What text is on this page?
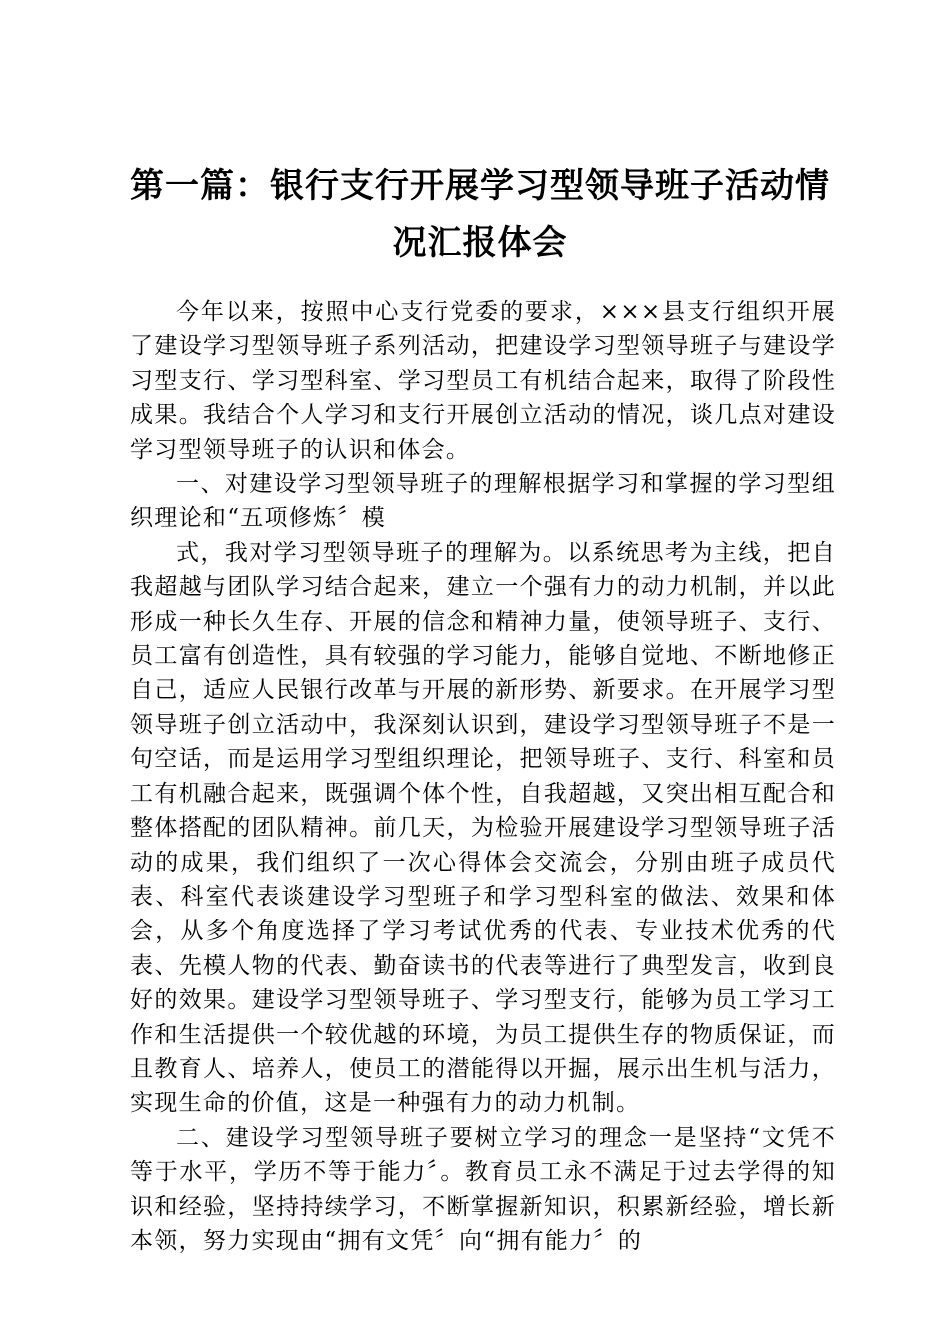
第一篇：银行支行开展学习型领导班子活动情况汇报体会

今年以来，按照中心支行党委的要求，×××县支行组织开展了建设学习型领导班子系列活动，把建设学习型领导班子与建设学习型支行、学习型科室、学习型员工有机结合起来，取得了阶段性成果。我结合个人学习和支行开展创立活动的情况，谈几点对建设学习型领导班子的认识和体会。

一、对建设学习型领导班子的理解根据学习和掌握的学习型组织理论和“五项修炼〞模

式，我对学习型领导班子的理解为。以系统思考为主线，把自我超越与团队学习结合起来，建立一个强有力的动力机制，并以此形成一种长久生存、开展的信念和精神力量，使领导班子、支行、员工富有创造性，具有较强的学习能力，能够自觉地、不断地修正自己，适应人民银行改革与开展的新形势、新要求。在开展学习型领导班子创立活动中，我深刻认识到，建设学习型领导班子不是一句空话，而是运用学习型组织理论，把领导班子、支行、科室和员工有机融合起来，既强调个体个性，自我超越，又突出相互配合和整体搭配的团队精神。前几天，为检验开展建设学习型领导班子活动的成果，我们组织了一次心得体会交流会，分别由班子成员代表、科室代表谈建设学习型班子和学习型科室的做法、效果和体会，从多个角度选择了学习考试优秀的代表、专业技术优秀的代表、先模人物的代表、勤奋读书的代表等进行了典型发言，收到良好的效果。建设学习型领导班子、学习型支行，能够为员工学习工作和生活提供一个较优越的环境，为员工提供生存的物质保证，而且教育人、培养人，使员工的潜能得以开掘，展示出生机与活力，实现生命的价值，这是一种强有力的动力机制。

二、建设学习型领导班子要树立学习的理念一是坚持“文凭不等于水平，学历不等于能力〞。教育员工永不满足于过去学得的知识和经验，坚持持续学习，不断掌握新知识，积累新经验，增长新本领，努力实现由“拥有文凭〞向“拥有能力〞的
